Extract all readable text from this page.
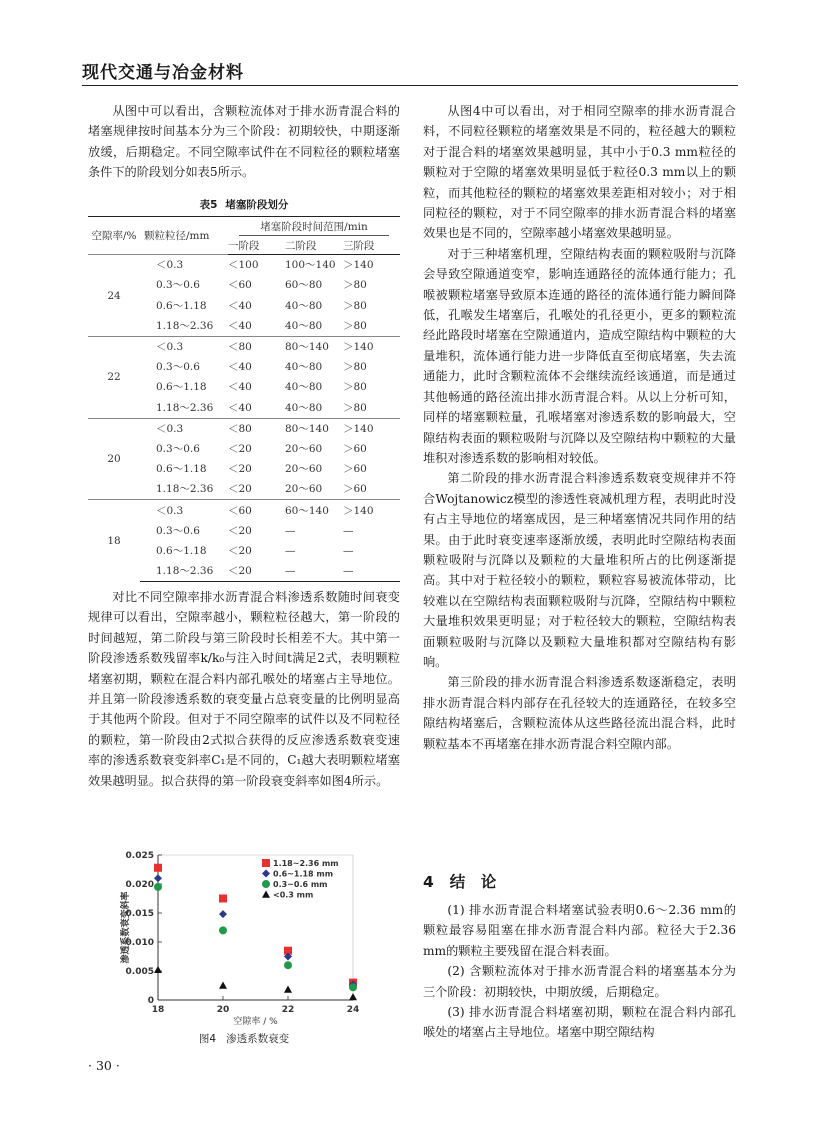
现代交通与冶金材料

从图中可以看出，含颗粒流体对于排水沥青混合料的堵塞规律按时间基本分为三个阶段：初期较快，中期逐渐放缓，后期稳定。不同空隙率试件在不同粒径的颗粒堵塞条件下的阶段划分如表5所示。

表5 堵塞阶段划分
空隙率/%	颗粒粒径/mm	堵塞阶段时间范围/min		
		一阶段	二阶段	三阶段
24	＜0.3	＜100	100～140	＞140
	0.3～0.6	＜60	60～80	＞80
	0.6～1.18	＜40	40～80	＞80
	1.18～2.36	＜40	40～80	＞80
22	＜0.3	＜80	80～140	＞140
	0.3～0.6	＜40	40～80	＞80
	0.6～1.18	＜40	40～80	＞80
	1.18～2.36	＜40	40～80	＞80
20	＜0.3	＜80	80～140	＞140
	0.3～0.6	＜20	20～60	＞60
	0.6～1.18	＜20	20～60	＞60
	1.18～2.36	＜20	20～60	＞60
18	＜0.3	＜60	60～140	＞140
	0.3～0.6	＜20	—	—
	0.6～1.18	＜20	—	—
	1.18～2.36	＜20	—	—

对比不同空隙率排水沥青混合料渗透系数随时间衰变规律可以看出，空隙率越小，颗粒粒径越大，第一阶段的时间越短，第二阶段与第三阶段时长相差不大。其中第一阶段渗透系数残留率k/k₀与注入时间t满足2式，表明颗粒堵塞初期，颗粒在混合料内部孔喉处的堵塞占主导地位。并且第一阶段渗透系数的衰变量占总衰变量的比例明显高于其他两个阶段。但对于不同空隙率的试件以及不同粒径的颗粒，第一阶段由2式拟合获得的反应渗透系数衰变速率的渗透系数衰变斜率C₁是不同的，C₁越大表明颗粒堵塞效果越明显。拟合获得的第一阶段衰变斜率如图4所示。

0
0.005
0.010
0.015
0.020
0.025
18	20	22	24
空隙率 / %
渗透系数衰变斜率
1.18~2.36 mm
0.6~1.18 mm
0.3~0.6 mm
<0.3 mm
图4 渗透系数衰变

从图4中可以看出，对于相同空隙率的排水沥青混合料，不同粒径颗粒的堵塞效果是不同的，粒径越大的颗粒对于混合料的堵塞效果越明显，其中小于0.3 mm粒径的颗粒对于空隙的堵塞效果明显低于粒径0.3 mm以上的颗粒，而其他粒径的颗粒的堵塞效果差距相对较小；对于相同粒径的颗粒，对于不同空隙率的排水沥青混合料的堵塞效果也是不同的，空隙率越小堵塞效果越明显。

对于三种堵塞机理，空隙结构表面的颗粒吸附与沉降会导致空隙通道变窄，影响连通路径的流体通行能力；孔喉被颗粒堵塞导致原本连通的路径的流体通行能力瞬间降低，孔喉发生堵塞后，孔喉处的孔径更小，更多的颗粒流经此路段时堵塞在空隙通道内，造成空隙结构中颗粒的大量堆积，流体通行能力进一步降低直至彻底堵塞，失去流通能力，此时含颗粒流体不会继续流经该通道，而是通过其他畅通的路径流出排水沥青混合料。从以上分析可知，同样的堵塞颗粒量，孔喉堵塞对渗透系数的影响最大，空隙结构表面的颗粒吸附与沉降以及空隙结构中颗粒的大量堆积对渗透系数的影响相对较低。

第二阶段的排水沥青混合料渗透系数衰变规律并不符合Wojtanowicz模型的渗透性衰减机理方程，表明此时没有占主导地位的堵塞成因，是三种堵塞情况共同作用的结果。由于此时衰变速率逐渐放缓，表明此时空隙结构表面颗粒吸附与沉降以及颗粒的大量堆积所占的比例逐渐提高。其中对于粒径较小的颗粒，颗粒容易被流体带动，比较难以在空隙结构表面颗粒吸附与沉降，空隙结构中颗粒大量堆积效果更明显；对于粒径较大的颗粒，空隙结构表面颗粒吸附与沉降以及颗粒大量堆积都对空隙结构有影响。

第三阶段的排水沥青混合料渗透系数逐渐稳定，表明排水沥青混合料内部存在孔径较大的连通路径，在较多空隙结构堵塞后，含颗粒流体从这些路径流出混合料，此时颗粒基本不再堵塞在排水沥青混合料空隙内部。

4 结　论

(1) 排水沥青混合料堵塞试验表明0.6～2.36 mm的颗粒最容易阻塞在排水沥青混合料内部。粒径大于2.36 mm的颗粒主要残留在混合料表面。

(2) 含颗粒流体对于排水沥青混合料的堵塞基本分为三个阶段：初期较快，中期放缓，后期稳定。

(3) 排水沥青混合料堵塞初期，颗粒在混合料内部孔喉处的堵塞占主导地位。堵塞中期空隙结构

· 30 ·
